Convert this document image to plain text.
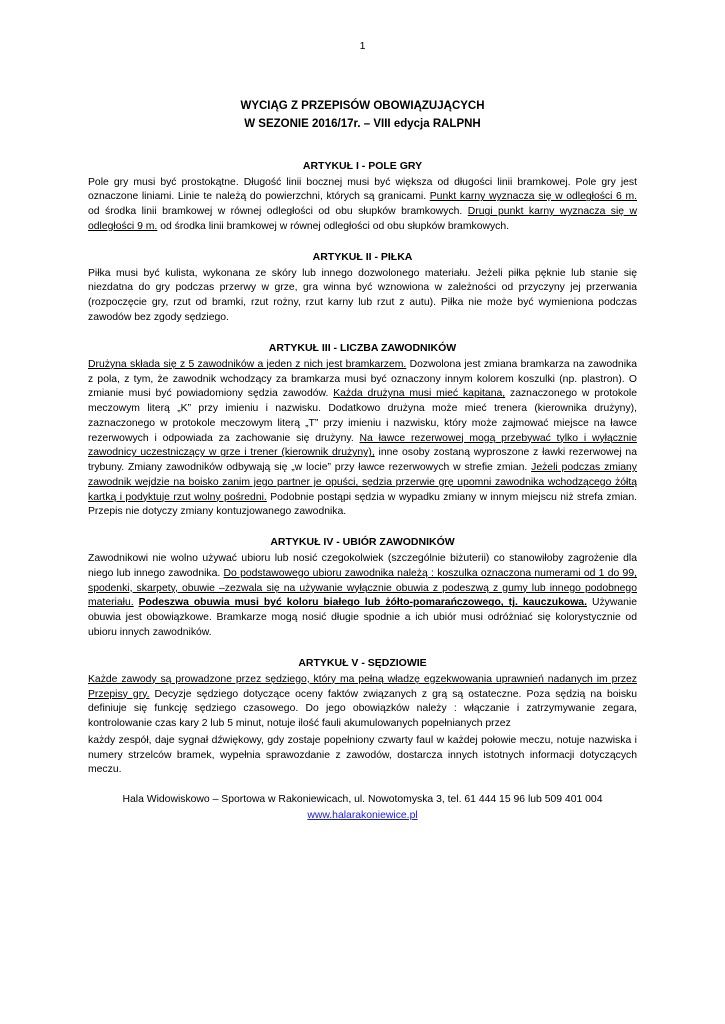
1
WYCIĄG Z PRZEPISÓW OBOWIĄZUJĄCYCH
W SEZONIE 2016/17r. – VIII edycja RALPNH
ARTYKUŁ I - POLE GRY

Pole gry musi być prostokątne. Długość linii bocznej musi być większa od długości linii bramkowej. Pole gry jest oznaczone liniami. Linie te należą do powierzchni, których są granicami. Punkt karny wyznacza się w odległości 6 m. od środka linii bramkowej w równej odległości od obu słupków bramkowych. Drugi punkt karny wyznacza się w odległości 9 m. od środka linii bramkowej w równej odległości od obu słupków bramkowych.

ARTYKUŁ II - PIŁKA

Piłka musi być kulista, wykonana ze skóry lub innego dozwolonego materiału. Jeżeli piłka pęknie lub stanie się niezdatna do gry podczas przerwy w grze, gra winna być wznowiona w zależności od przyczyny jej przerwania (rozpoczęcie gry, rzut od bramki, rzut rożny, rzut karny lub rzut z autu). Piłka nie może być wymieniona podczas zawodów bez zgody sędziego.

ARTYKUŁ III - LICZBA ZAWODNIKÓW

Drużyna składa się z 5 zawodników a jeden z nich jest bramkarzem. Dozwolona jest zmiana bramkarza na zawodnika z pola, z tym, że zawodnik wchodzący za bramkarza musi być oznaczony innym kolorem koszulki (np. plastron). O zmianie musi być powiadomiony sędzia zawodów. Każda drużyna musi mieć kapitana, zaznaczonego w protokole meczowym literą „K” przy imieniu i nazwisku. Dodatkowo drużyna może mieć trenera (kierownika drużyny), zaznaczonego w protokole meczowym literą „T” przy imieniu i nazwisku, który może zajmować miejsce na ławce rezerwowych i odpowiada za zachowanie się drużyny. Na ławce rezerwowej mogą przebywać tylko i wyłącznie zawodnicy uczestniczący w grze i trener (kierownik drużyny), inne osoby zostaną wyproszone z ławki rezerwowej na trybuny. Zmiany zawodników odbywają się „w locie” przy ławce rezerwowych w strefie zmian. Jeżeli podczas zmiany zawodnik wejdzie na boisko zanim jego partner je opuści, sędzia przerwie grę upomni zawodnika wchodzącego żółtą kartką i podyktuje rzut wolny pośredni. Podobnie postąpi sędzia w wypadku zmiany w innym miejscu niż strefa zmian. Przepis nie dotyczy zmiany kontuzjowanego zawodnika.

ARTYKUŁ IV - UBIÓR ZAWODNIKÓW

Zawodnikowi nie wolno używać ubioru lub nosić czegokolwiek (szczególnie biżuterii) co stanowiłoby zagrożenie dla niego lub innego zawodnika. Do podstawowego ubioru zawodnika należą : koszulka oznaczona numerami od 1 do 99, spodenki, skarpety, obuwie –zezwala się na używanie wyłącznie obuwia z podeszwą z gumy lub innego podobnego materiału. Podeszwa obuwia musi być koloru białego lub żółto-pomarańczowego, tj. kauczukowa. Używanie obuwia jest obowiązkowe. Bramkarze mogą nosić długie spodnie a ich ubiór musi odróżniać się kolorystycznie od ubioru innych zawodników.

ARTYKUŁ V - SĘDZIOWIE

Każde zawody są prowadzone przez sędziego, który ma pełną władzę egzekwowania uprawnień nadanych im przez Przepisy gry. Decyzje sędziego dotyczące oceny faktów związanych z grą są ostateczne. Poza sędzią na boisku definiuje się funkcję sędziego czasowego. Do jego obowiązków należy : włączanie i zatrzymywanie zegara, kontrolowanie czas kary 2 lub 5 minut, notuje ilość fauli akumulowanych popełnianych przez

każdy zespół, daje sygnał dźwiękowy, gdy zostaje popełniony czwarty faul w każdej połowie meczu, notuje nazwiska i numery strzelców bramek, wypełnia sprawozdanie z zawodów, dostarcza innych istotnych informacji dotyczących meczu.

Hala Widowiskowo – Sportowa w Rakoniewicach, ul. Nowotomyska 3, tel. 61 444 15 96 lub 509 401 004
www.halarakoniewice.pl
